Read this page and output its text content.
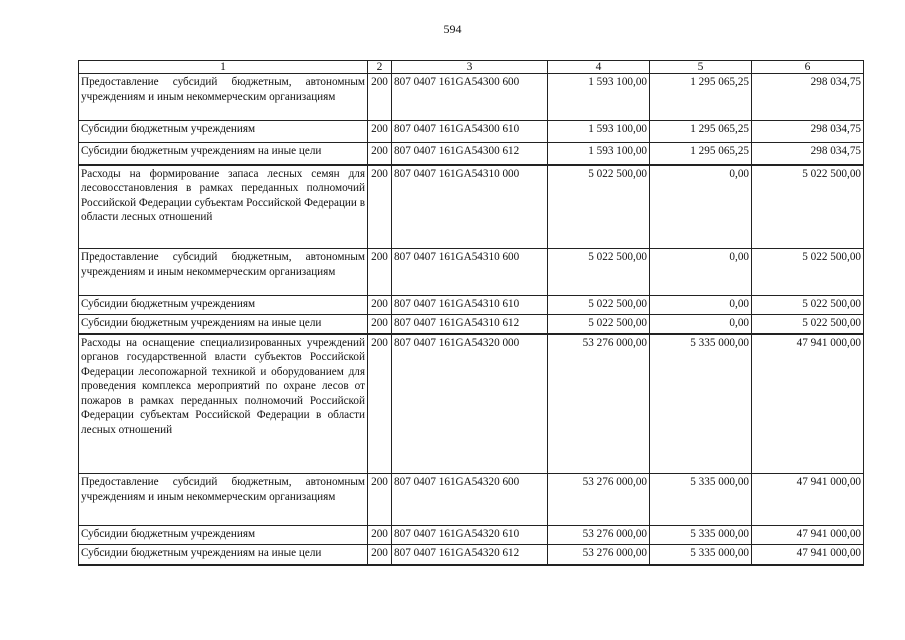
594
1	2	3	4	5	6
Предоставление субсидий бюджетным, автономным учреждениям и иным некоммерческим организациям	200	807 0407 161GA54300 600	1 593 100,00	1 295 065,25	298 034,75
Субсидии бюджетным учреждениям	200	807 0407 161GA54300 610	1 593 100,00	1 295 065,25	298 034,75
Субсидии бюджетным учреждениям на иные цели	200	807 0407 161GA54300 612	1 593 100,00	1 295 065,25	298 034,75
Расходы на формирование запаса лесных семян для лесовосстановления в рамках переданных полномочий Российской Федерации субъектам Российской Федерации в области лесных отношений	200	807 0407 161GA54310 000	5 022 500,00	0,00	5 022 500,00
Предоставление субсидий бюджетным, автономным учреждениям и иным некоммерческим организациям	200	807 0407 161GA54310 600	5 022 500,00	0,00	5 022 500,00
Субсидии бюджетным учреждениям	200	807 0407 161GA54310 610	5 022 500,00	0,00	5 022 500,00
Субсидии бюджетным учреждениям на иные цели	200	807 0407 161GA54310 612	5 022 500,00	0,00	5 022 500,00
Расходы на оснащение специализированных учреждений органов государственной власти субъектов Российской Федерации лесопожарной техникой и оборудованием для проведения комплекса мероприятий по охране лесов от пожаров в рамках переданных полномочий Российской Федерации субъектам Российской Федерации в области лесных отношений	200	807 0407 161GA54320 000	53 276 000,00	5 335 000,00	47 941 000,00
Предоставление субсидий бюджетным, автономным учреждениям и иным некоммерческим организациям	200	807 0407 161GA54320 600	53 276 000,00	5 335 000,00	47 941 000,00
Субсидии бюджетным учреждениям	200	807 0407 161GA54320 610	53 276 000,00	5 335 000,00	47 941 000,00
Субсидии бюджетным учреждениям на иные цели	200	807 0407 161GA54320 612	53 276 000,00	5 335 000,00	47 941 000,00
